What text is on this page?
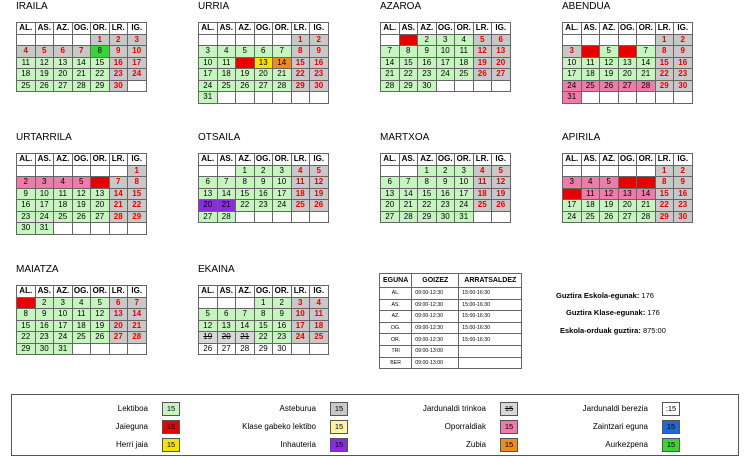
IRAILA
AL.	AS.	AZ.	OG.	OR.	LR.	IG.
				1	2	3
4	5	6	7	8	9	10
11	12	13	14	15	16	17
18	19	20	21	22	23	24
25	26	27	28	29	30	
URRIA
AL.	AS.	AZ.	OG.	OR.	LR.	IG.
					1	2
3	4	5	6	7	8	9
10	11	12	13	14	15	16
17	18	19	20	21	22	23
24	25	26	27	28	29	30
31						
AZAROA
AL.	AS.	AZ.	OG.	OR.	LR.	IG.
	1	2	3	4	5	6
7	8	9	10	11	12	13
14	15	16	17	18	19	20
21	22	23	24	25	26	27
28	29	30				
ABENDUA
AL.	AS.	AZ.	OG.	OR.	LR.	IG.
					1	2
3	4	5	6	7	8	9
10	11	12	13	14	15	16
17	18	19	20	21	22	23
24	25	26	27	28	29	30
31						
URTARRILA
AL.	AS.	AZ.	OG.	OR.	LR.	IG.
						1
2	3	4	5	6	7	8
9	10	11	12	13	14	15
16	17	18	19	20	21	22
23	24	25	26	27	28	29
30	31					
OTSAILA
AL.	AS.	AZ.	OG.	OR.	LR.	IG.
		1	2	3	4	5
6	7	8	9	10	11	12
13	14	15	16	17	18	19
20	21	22	23	24	25	26
27	28					
MARTXOA
AL.	AS.	AZ.	OG.	OR.	LR.	IG.
		1	2	3	4	5
6	7	8	9	10	11	12
13	14	15	16	17	18	19
20	21	22	23	24	25	26
27	28	29	30	31		
APIRILA
AL.	AS.	AZ.	OG.	OR.	LR.	IG.
					1	2
3	4	5	6	7	8	9
10	11	12	13	14	15	16
17	18	19	20	21	22	23
24	25	26	27	28	29	30
MAIATZA
AL.	AS.	AZ.	OG.	OR.	LR.	IG.
1	2	3	4	5	6	7
8	9	10	11	12	13	14
15	16	17	18	19	20	21
22	23	24	25	26	27	28
29	30	31				
EKAINA
AL.	AS.	AZ.	OG.	OR.	LR.	IG.
			1	2	3	4
5	6	7	8	9	10	11
12	13	14	15	16	17	18
19	20	21	22	23	24	25
26	27	28	29	30		
EGUNA	GOIZEZ	ARRATSALDEZ
AL.	09:00-12:30	15:00-16:30
AS.	09:00-12:30	15:00-16:30
AZ.	09:00-12:30	15:00-16:30
OG.	09:00-12:30	15:00-16:30
OR.	09:00-12:30	15:00-16:30
TRI	09:00-13:00	
BER	09:00-13:00	
Guztira Eskola-egunak: 176
Guztira Klase-egunak: 176
Eskola-orduak guztira: 875:00
Lektiboa	15	Asteburua	15	Jardunaldi trinkoa	15	Jardunaldi berezia	:15
Jaieguna	15	Klase gabeko lektibo	15	Oporraldiak	15	Zaintzari eguna	15
Herri jaia	15	Inhauteria	15	Zubia	15	Aurkezpena	15
